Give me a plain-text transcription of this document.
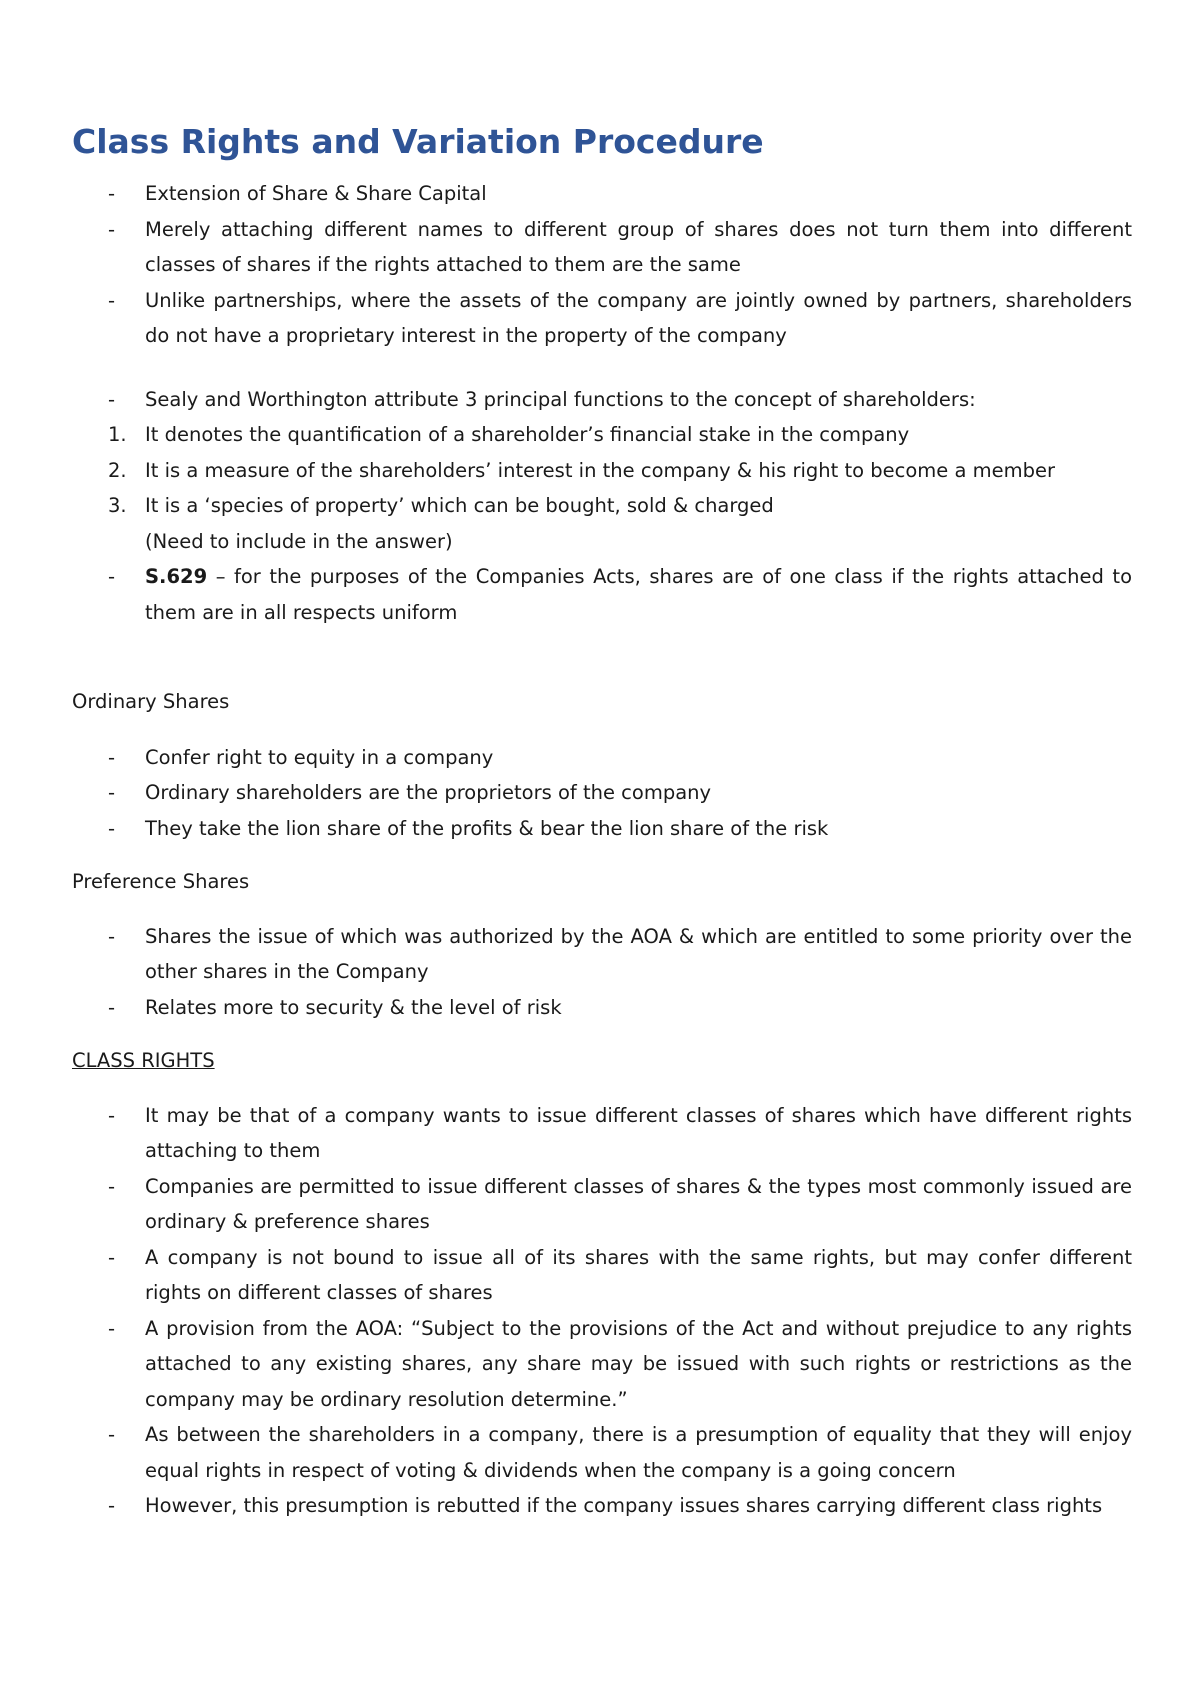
Class Rights and Variation Procedure
-	Extension of Share & Share Capital
-	Merely attaching different names to different group of shares does not turn them into different classes of shares if the rights attached to them are the same
-	Unlike partnerships, where the assets of the company are jointly owned by partners, shareholders do not have a proprietary interest in the property of the company
-	Sealy and Worthington attribute 3 principal functions to the concept of shareholders:
1. It denotes the quantification of a shareholder’s financial stake in the company
2. It is a measure of the shareholders’ interest in the company & his right to become a member
3. It is a ‘species of property’ which can be bought, sold & charged
(Need to include in the answer)
-	S.629 – for the purposes of the Companies Acts, shares are of one class if the rights attached to them are in all respects uniform

Ordinary Shares

-	Confer right to equity in a company
-	Ordinary shareholders are the proprietors of the company
-	They take the lion share of the profits & bear the lion share of the risk

Preference Shares

-	Shares the issue of which was authorized by the AOA & which are entitled to some priority over the other shares in the Company
-	Relates more to security & the level of risk

CLASS RIGHTS

-	It may be that of a company wants to issue different classes of shares which have different rights attaching to them
-	Companies are permitted to issue different classes of shares & the types most commonly issued are ordinary & preference shares
-	A company is not bound to issue all of its shares with the same rights, but may confer different rights on different classes of shares
-	A provision from the AOA: “Subject to the provisions of the Act and without prejudice to any rights attached to any existing shares, any share may be issued with such rights or restrictions as the company may be ordinary resolution determine.”
-	As between the shareholders in a company, there is a presumption of equality that they will enjoy equal rights in respect of voting & dividends when the company is a going concern
-	However, this presumption is rebutted if the company issues shares carrying different class rights
